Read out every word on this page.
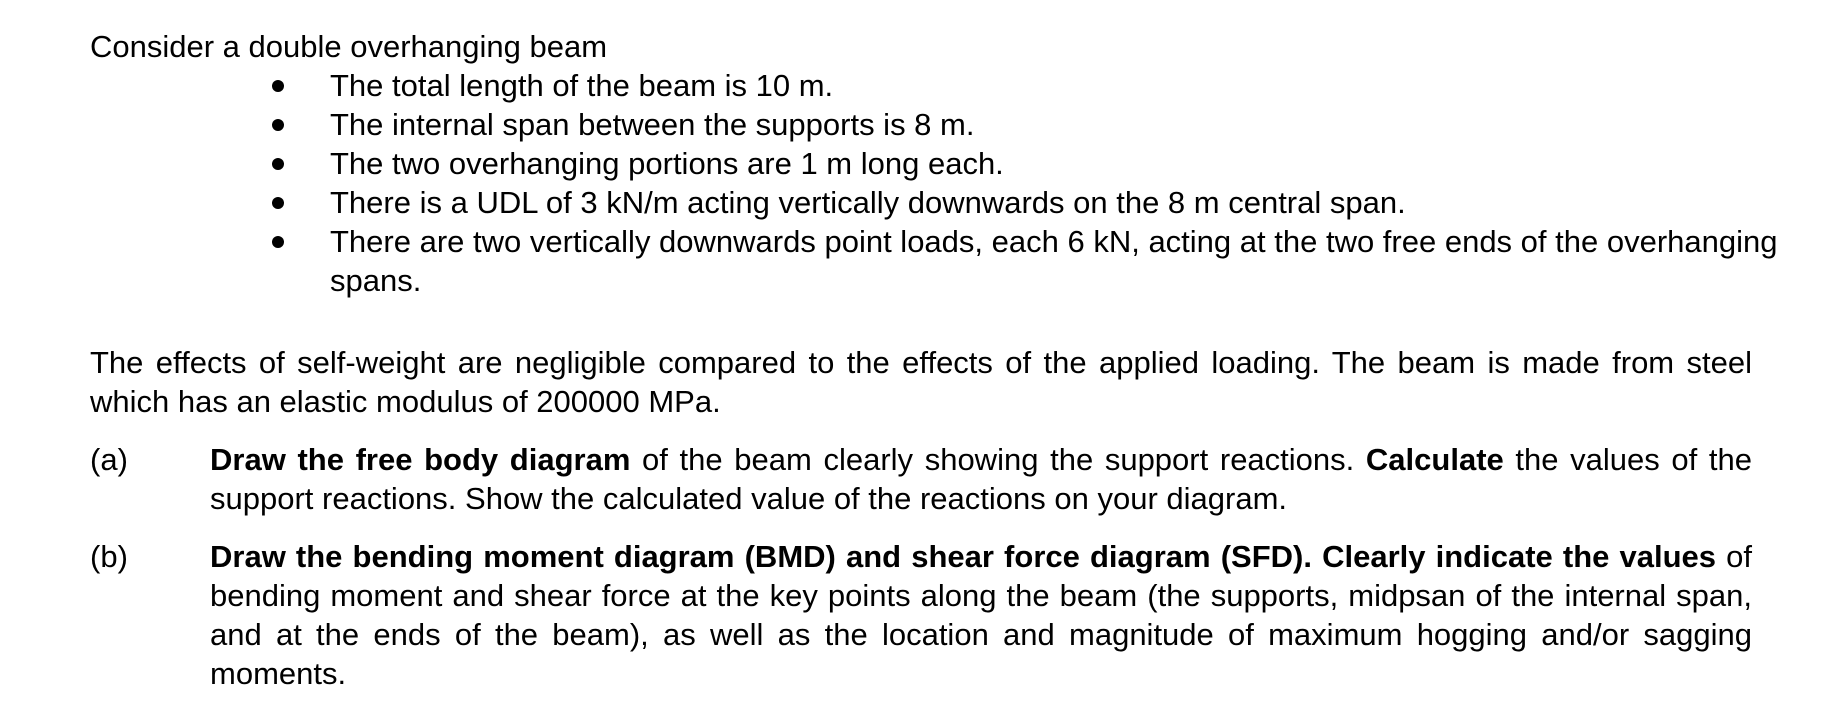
Consider a double overhanging beam

The total length of the beam is 10 m.
The internal span between the supports is 8 m.
The two overhanging portions are 1 m long each.
There is a UDL of 3 kN/m acting vertically downwards on the 8 m central span.
There are two vertically downwards point loads, each 6 kN, acting at the two free ends of the overhanging spans.

The effects of self-weight are negligible compared to the effects of the applied loading. The beam is made from steel which has an elastic modulus of 200000 MPa.

(a)	Draw the free body diagram of the beam clearly showing the support reactions. Calculate the values of the support reactions. Show the calculated value of the reactions on your diagram.
(b)	Draw the bending moment diagram (BMD) and shear force diagram (SFD). Clearly indicate the values of bending moment and shear force at the key points along the beam (the supports, midpsan of the internal span, and at the ends of the beam), as well as the location and magnitude of maximum hogging and/or sagging moments.
